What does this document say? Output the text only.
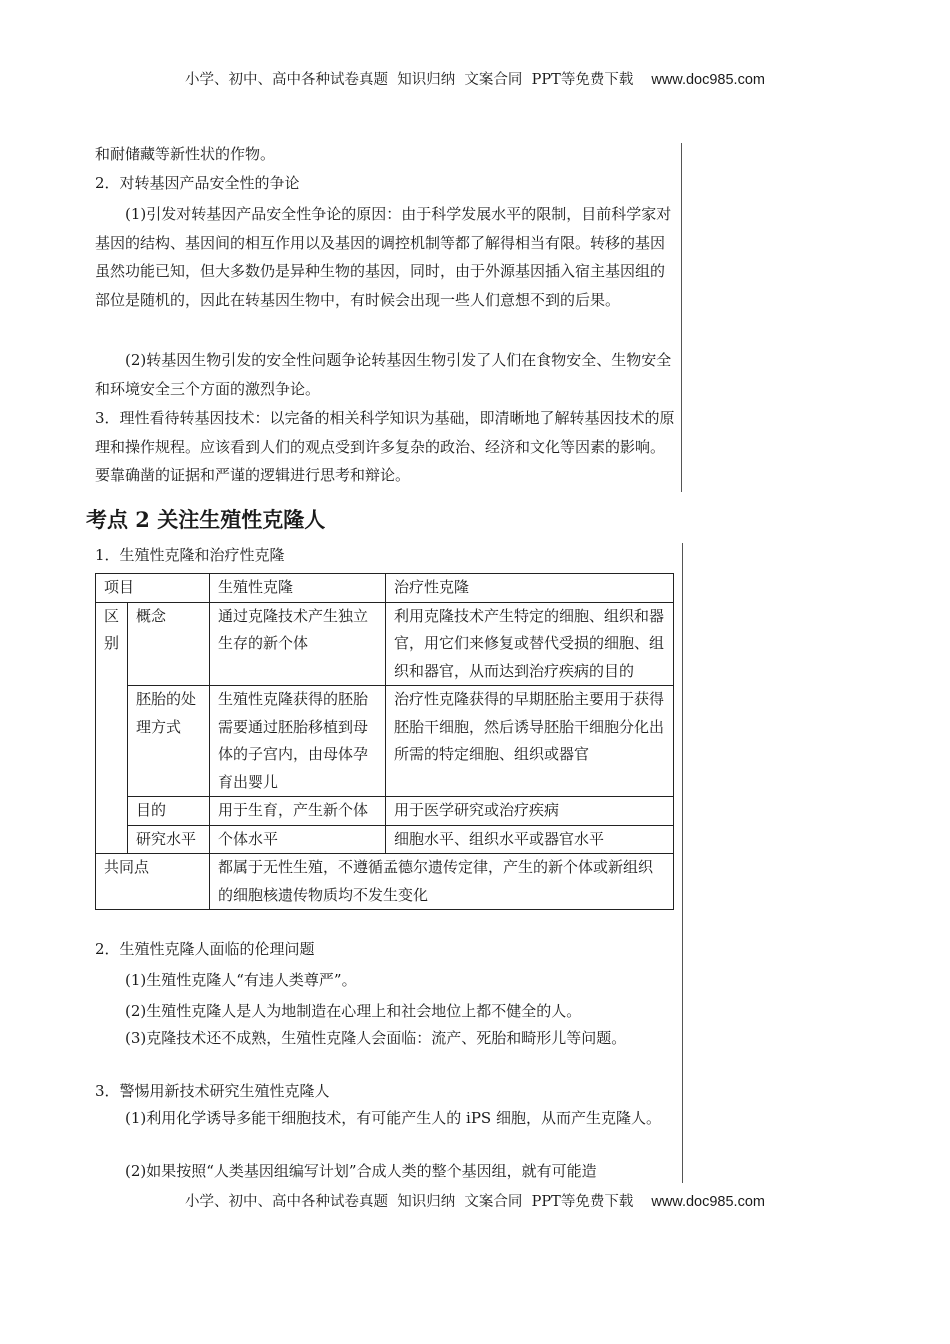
小学、初中、高中各种试卷真题  知识归纳  文案合同  PPT等免费下载 www.doc985.com

和耐储藏等新性状的作物。

2．对转基因产品安全性的争论

(1)引发对转基因产品安全性争论的原因：由于科学发展水平的限制，目前科学家对基因的结构、基因间的相互作用以及基因的调控机制等都了解得相当有限。转移的基因虽然功能已知，但大多数仍是异种生物的基因，同时，由于外源基因插入宿主基因组的部位是随机的，因此在转基因生物中，有时候会出现一些人们意想不到的后果。

(2)转基因生物引发的安全性问题争论转基因生物引发了人们在食物安全、生物安全和环境安全三个方面的激烈争论。

3．理性看待转基因技术：以完备的相关科学知识为基础，即清晰地了解转基因技术的原理和操作规程。应该看到人们的观点受到许多复杂的政治、经济和文化等因素的影响。要靠确凿的证据和严谨的逻辑进行思考和辩论。

考点 2 关注生殖性克隆人

1．生殖性克隆和治疗性克隆

项目		生殖性克隆	治疗性克隆
区别	概念	通过克隆技术产生独立生存的新个体	利用克隆技术产生特定的细胞、组织和器官，用它们来修复或替代受损的细胞、组织和器官，从而达到治疗疾病的目的
	胚胎的处理方式	生殖性克隆获得的胚胎需要通过胚胎移植到母体的子宫内，由母体孕育出婴儿	治疗性克隆获得的早期胚胎主要用于获得胚胎干细胞，然后诱导胚胎干细胞分化出所需的特定细胞、组织或器官
	目的	用于生育，产生新个体	用于医学研究或治疗疾病
	研究水平	个体水平	细胞水平、组织水平或器官水平
共同点		都属于无性生殖，不遵循孟德尔遗传定律，产生的新个体或新组织的细胞核遗传物质均不发生变化	

2．生殖性克隆人面临的伦理问题

(1)生殖性克隆人“有违人类尊严”。

(2)生殖性克隆人是人为地制造在心理上和社会地位上都不健全的人。

(3)克隆技术还不成熟，生殖性克隆人会面临：流产、死胎和畸形儿等问题。

3．警惕用新技术研究生殖性克隆人

(1)利用化学诱导多能干细胞技术，有可能产生人的 iPS 细胞，从而产生克隆人。

(2)如果按照“人类基因组编写计划”合成人类的整个基因组，就有可能造

小学、初中、高中各种试卷真题  知识归纳  文案合同  PPT等免费下载 www.doc985.com
